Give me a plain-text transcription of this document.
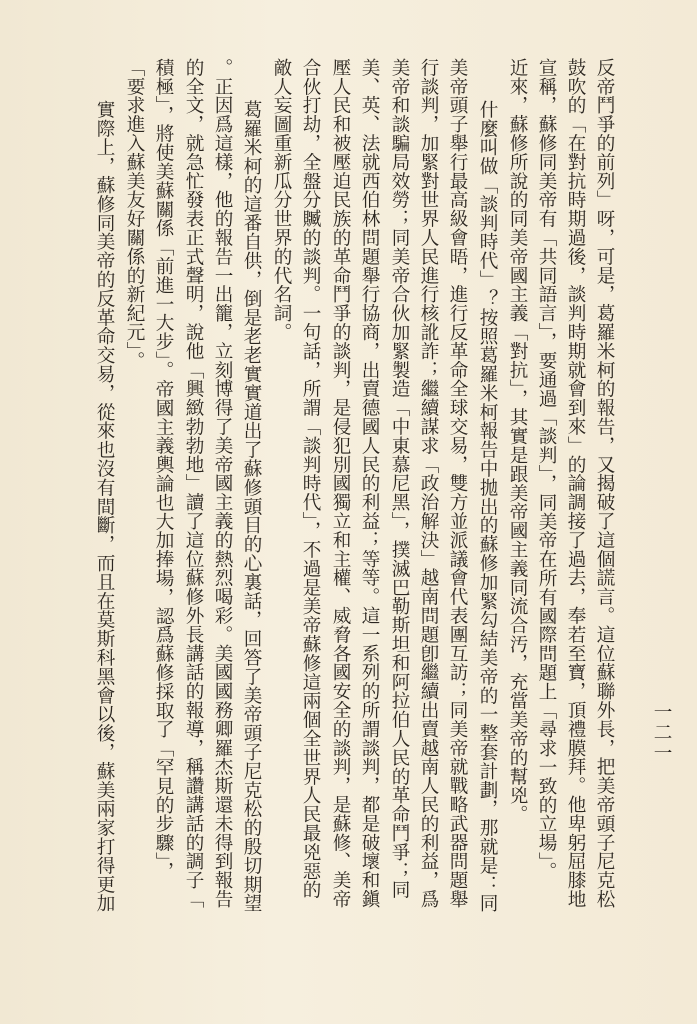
反帝鬥爭的前列」呀，可是，葛羅米柯的報告，又揭破了這個謊言。這位蘇聯外長，把美帝頭子尼克松
鼓吹的「在對抗時期過後，談判時期就會到來」的論調接了過去，奉若至寶，頂禮膜拜。他卑躬屈膝地
宣稱，蘇修同美帝有「共同語言」，要通過「談判」，同美帝在所有國際問題上「尋求一致的立場」。
近來，蘇修所說的同美帝國主義「對抗」，其實是跟美帝國主義同流合汚，充當美帝的幫兇。
什麼叫做「談判時代」？按照葛羅米柯報告中拋出的蘇修加緊勾結美帝的一整套計劃，那就是：同
美帝頭子舉行最高級會晤，進行反革命全球交易，雙方並派議會代表團互訪；同美帝就戰略武器問題舉
行談判，加緊對世界人民進行核訛詐；繼續謀求「政治解決」越南問題卽繼續出賣越南人民的利益，爲
美帝和談騙局效勞；同美帝合伙加緊製造「中東慕尼黑」，撲滅巴勒斯坦和阿拉伯人民的革命鬥爭；同
美、英、法就西伯林問題舉行協商，出賣德國人民的利益；等等。這一系列的所謂談判，都是破壞和鎭
壓人民和被壓迫民族的革命鬥爭的談判，是侵犯別國獨立和主權、威脅各國安全的談判，是蘇修、美帝
合伙打劫，全盤分贓的談判。一句話，所謂「談判時代」，不過是美帝蘇修這兩個全世界人民最兇惡的
敵人妄圖重新瓜分世界的代名詞。
葛羅米柯的這番自供，倒是老老實實道出了蘇修頭目的心裏話，回答了美帝頭子尼克松的殷切期望
。正因爲這樣，他的報告一出籠，立刻博得了美帝國主義的熱烈喝彩。美國國務卿羅杰斯還未得到報告
的全文，就急忙發表正式聲明，說他「興緻勃勃地」讀了這位蘇修外長講話的報導，稱讚講話的調子「
積極」，將使美蘇關係「前進一大步」。帝國主義輿論也大加捧場，認爲蘇修採取了「罕見的步驟」，
「要求進入蘇美友好關係的新紀元」。
實際上，蘇修同美帝的反革命交易，從來也沒有間斷，而且在莫斯科黑會以後，蘇美兩家打得更加	一二一
